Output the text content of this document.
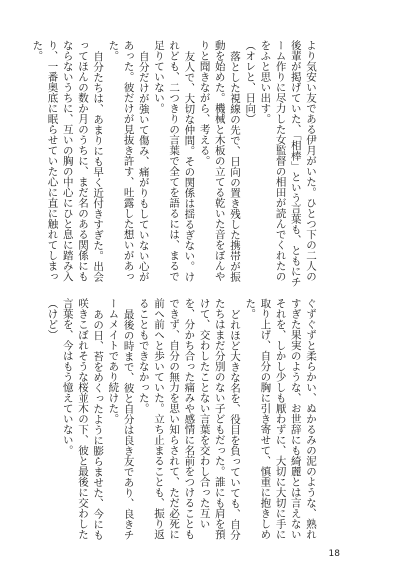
より気安い友である伊月がいた。ひとつ下の二人の後輩が掲げていた、「相棒」という言葉も、ともにチーム作りに尽力した女監督の相田が読んでくれたのをふと思い出す。

（オレと、日向）

落とした視線の先で、日向の置き残した携帯が振動を始めた。機械と木板の立てる乾いた音をぼんやりと聞きながら、考える。

友人で、大切な仲間。その関係は揺るぎない。けれども、二つきりの言葉で全てを語るには、まるで足りていない。

自分だけが強いて傷み、痛がりもしていない心があった。彼だけが見抜き許す、吐露した想いがあった。

自分たちは、あまりにも早く近付きすぎた。出会ってほんの数か月のうちに、まだ名のある関係にもならないうちに、互いの胸の中心にひと息に踏み入り、一番奥底に眠らせていた心に直に触れてしまった。

ぐずぐずと柔らかい、ぬかるみの泥のような、熟れすぎた果実のような、お世辞にも綺麗とは言えないそれを、しかし少しも厭わずに、大切に大切に手に取り上げ、自分の胸に引き寄せて、慎重に抱きしめた。

どれほど大きな名を、役目を負っていても、自分たちはまだ分別のない子どもだった。誰にも肩を預けて、交わしたことない言葉を交わし合った互いを、分かち合った痛みや感情に名前をつけることもできず、自分の無力を思い知らされて、ただ必死に前へ前へと歩いていた。立ち止まることも、振り返ることもできなかった。

最後の時まで、彼と自分は良き友であり、良きチームメイトであり続けた。

あの日、苔をめくったように膨らませた、今にも咲きこぼれそうな桜並木の下、彼と最後に交わした言葉を、今はもう憶えていない。

（けど）

18
